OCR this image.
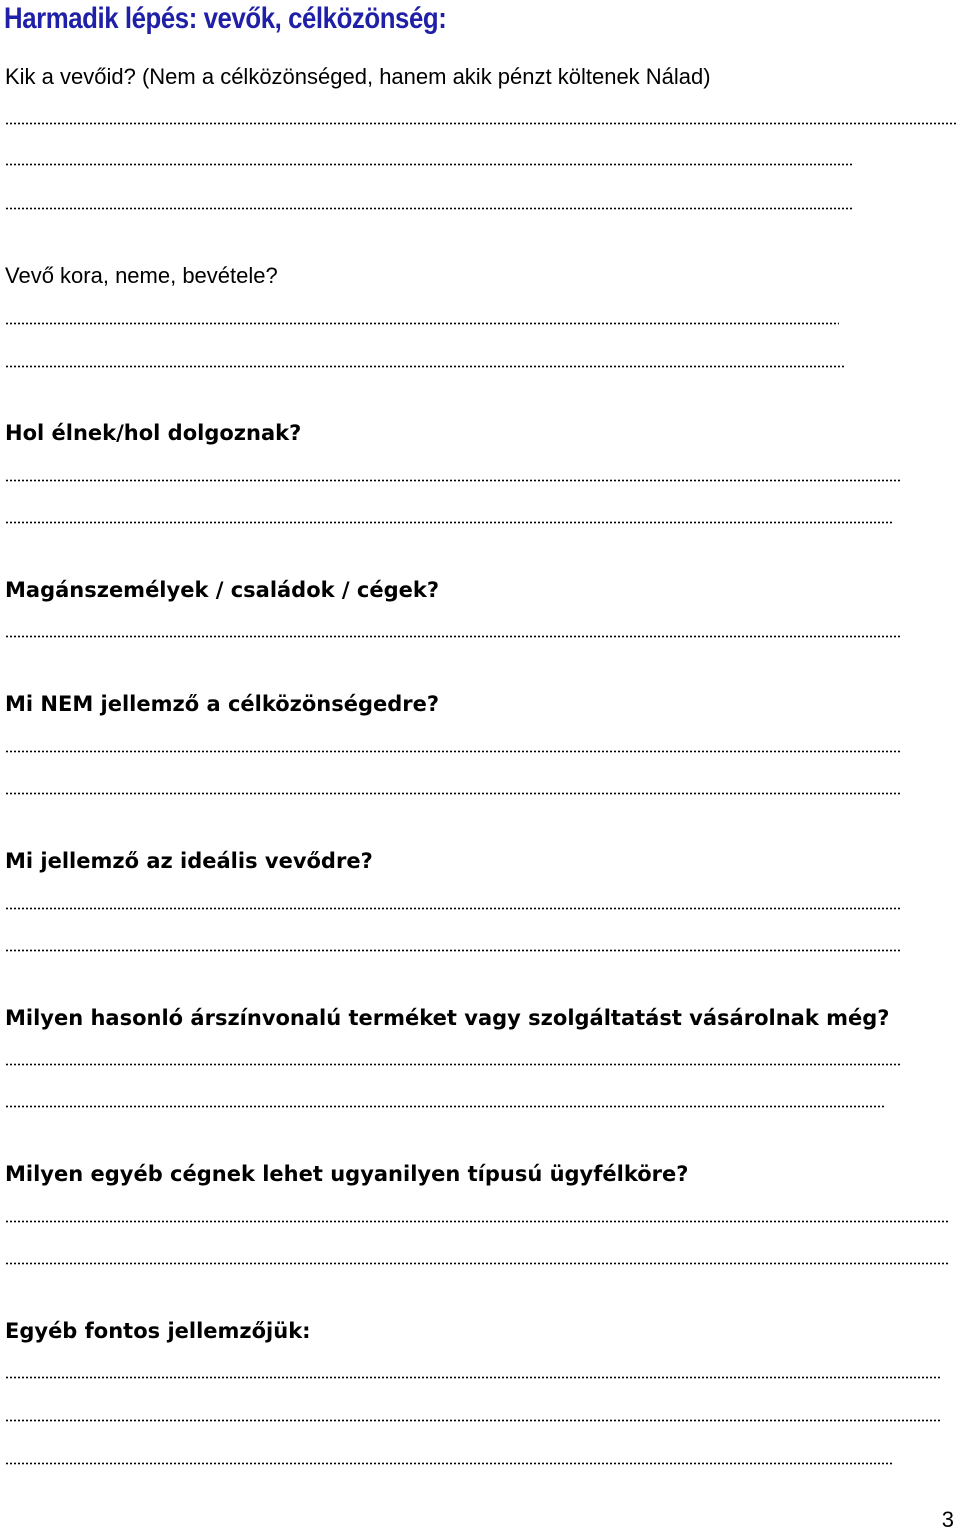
Harmadik lépés: vevők, célközönség:

Kik a vevőid? (Nem a célközönséged, hanem akik pénzt költenek Nálad)

Vevő kora, neme, bevétele?

Hol élnek/hol dolgoznak?

Magánszemélyek / családok / cégek?

Mi NEM jellemző a célközönségedre?

Mi jellemző az ideális vevődre?

Milyen hasonló árszínvonalú terméket vagy szolgáltatást vásárolnak még?

Milyen egyéb cégnek lehet ugyanilyen típusú ügyfélköre?

Egyéb fontos jellemzőjük:

3
